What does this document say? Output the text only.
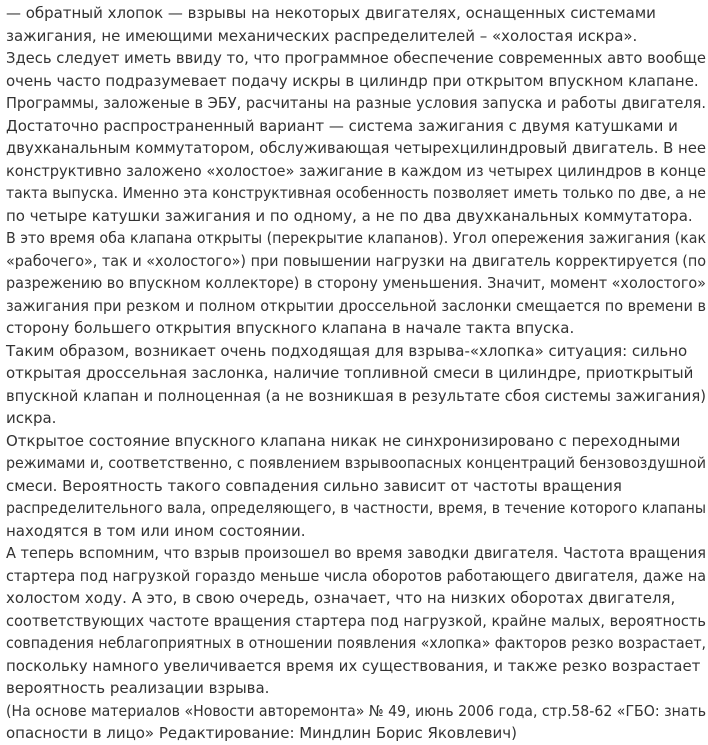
— обратный хлопок — взрывы на некоторых двигателях, оснащенных системами
зажигания, не имеющими механических распределителей – «холостая искра».
Здесь следует иметь ввиду то, что программное обеспечение современных авто вообще
очень часто подразумевает подачу искры в цилиндр при открытом впускном клапане.
Программы, заложеные в ЭБУ, расчитаны на разные условия запуска и работы двигателя.
Достаточно распространенный вариант — система зажигания с двумя катушками и
двухканальным коммутатором, обслуживающая четырехцилиндровый двигатель. В нее
конструктивно заложено «холостое» зажигание в каждом из четырех цилиндров в конце
такта выпуска. Именно эта конструктивная особенность позволяет иметь только по две, а не
по четыре катушки зажигания и по одному, а не по два двухканальных коммутатора.
В это время оба клапана открыты (перекрытие клапанов). Угол опережения зажигания (как
«рабочего», так и «холостого») при повышении нагрузки на двигатель корректируется (по
разрежению во впускном коллекторе) в сторону уменьшения. Значит, момент «холостого»
зажигания при резком и полном открытии дроссельной заслонки смещается по времени в
сторону большего открытия впускного клапана в начале такта впуска.
Таким образом, возникает очень подходящая для взрыва-«хлопка» ситуация: сильно
открытая дроссельная заслонка, наличие топливной смеси в цилиндре, приоткрытый
впускной клапан и полноценная (а не возникшая в результате сбоя системы зажигания)
искра.
Открытое состояние впускного клапана никак не синхронизировано с переходными
режимами и, соответственно, с появлением взрывоопасных концентраций бензовоздушной
смеси. Вероятность такого совпадения сильно зависит от частоты вращения
распределительного вала, определяющего, в частности, время, в течение которого клапаны
находятся в том или ином состоянии.
А теперь вспомним, что взрыв произошел во время заводки двигателя. Частота вращения
стартера под нагрузкой гораздо меньше числа оборотов работающего двигателя, даже на
холостом ходу. А это, в свою очередь, означает, что на низких оборотах двигателя,
соответствующих частоте вращения стартера под нагрузкой, крайне малых, вероятность
совпадения неблагоприятных в отношении появления «хлопка» факторов резко возрастает,
поскольку намного увеличивается время их существования, и также резко возрастает
вероятность реализации взрыва.
(На основе материалов «Новости авторемонта» № 49, июнь 2006 года, стр.58-62 «ГБО: знать
опасности в лицо» Редактирование: Миндлин Борис Яковлевич)
